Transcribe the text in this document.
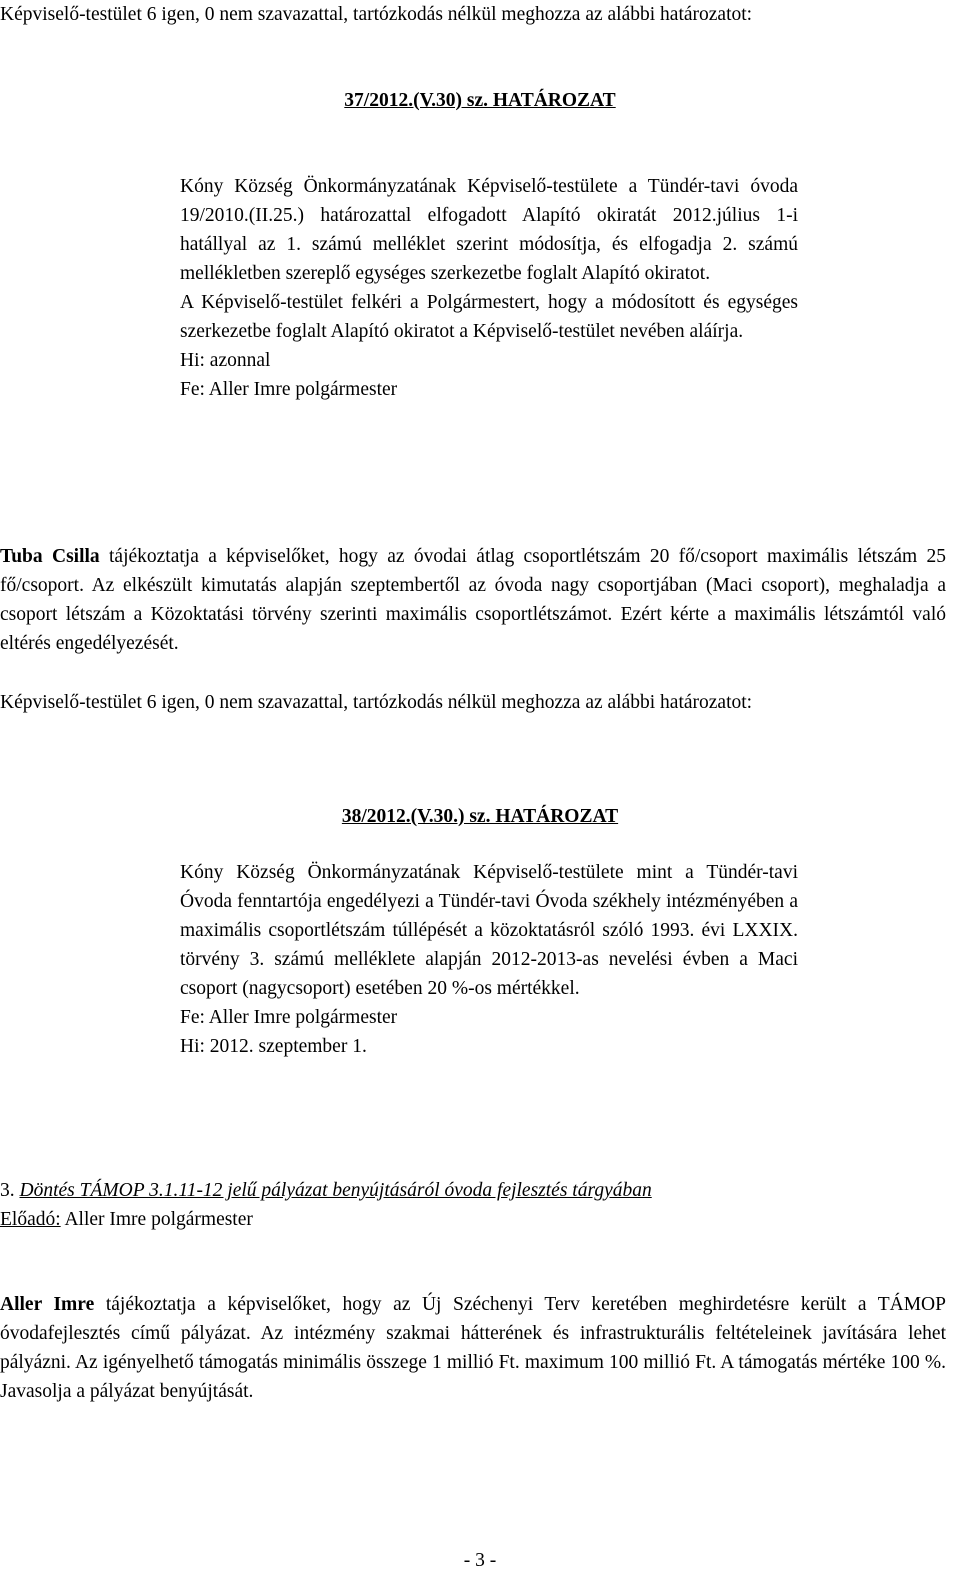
Képviselő-testület 6 igen, 0 nem szavazattal, tartózkodás nélkül meghozza az alábbi határozatot:

37/2012.(V.30) sz. HATÁROZAT

Kóny Község Önkormányzatának Képviselő-testülete a Tündér-tavi óvoda 19/2010.(II.25.) határozattal elfogadott Alapító okiratát 2012.július 1-i hatállyal az 1. számú melléklet szerint módosítja, és elfogadja 2. számú mellékletben szereplő egységes szerkezetbe foglalt Alapító okiratot.

A Képviselő-testület felkéri a Polgármestert, hogy a módosított és egységes szerkezetbe foglalt Alapító okiratot a Képviselő-testület nevében aláírja.

Hi: azonnal

Fe: Aller Imre polgármester

Tuba Csilla tájékoztatja a képviselőket, hogy az óvodai átlag csoportlétszám 20 fő/csoport maximális létszám 25 fő/csoport. Az elkészült kimutatás alapján szeptembertől az óvoda nagy csoportjában (Maci csoport), meghaladja a csoport létszám a Közoktatási törvény szerinti maximális csoportlétszámot. Ezért kérte a maximális létszámtól való eltérés engedélyezését.

Képviselő-testület 6 igen, 0 nem szavazattal, tartózkodás nélkül meghozza az alábbi határozatot:

38/2012.(V.30.) sz. HATÁROZAT

Kóny Község Önkormányzatának Képviselő-testülete mint a Tündér-tavi Óvoda fenntartója engedélyezi a Tündér-tavi Óvoda székhely intézményében a maximális csoportlétszám túllépését a közoktatásról szóló 1993. évi LXXIX. törvény 3. számú melléklete alapján 2012-2013-as nevelési évben a Maci csoport (nagycsoport) esetében 20 %-os mértékkel.

Fe: Aller Imre polgármester

Hi: 2012. szeptember 1.

3. Döntés TÁMOP 3.1.11-12 jelű pályázat benyújtásáról óvoda fejlesztés tárgyában

Előadó: Aller Imre polgármester

Aller Imre tájékoztatja a képviselőket, hogy az Új Széchenyi Terv keretében meghirdetésre került a TÁMOP óvodafejlesztés című pályázat. Az intézmény szakmai hátterének és infrastrukturális feltételeinek javítására lehet pályázni. Az igényelhető támogatás minimális összege 1 millió Ft. maximum 100 millió Ft. A támogatás mértéke 100 %. Javasolja a pályázat benyújtását.

- 3 -
